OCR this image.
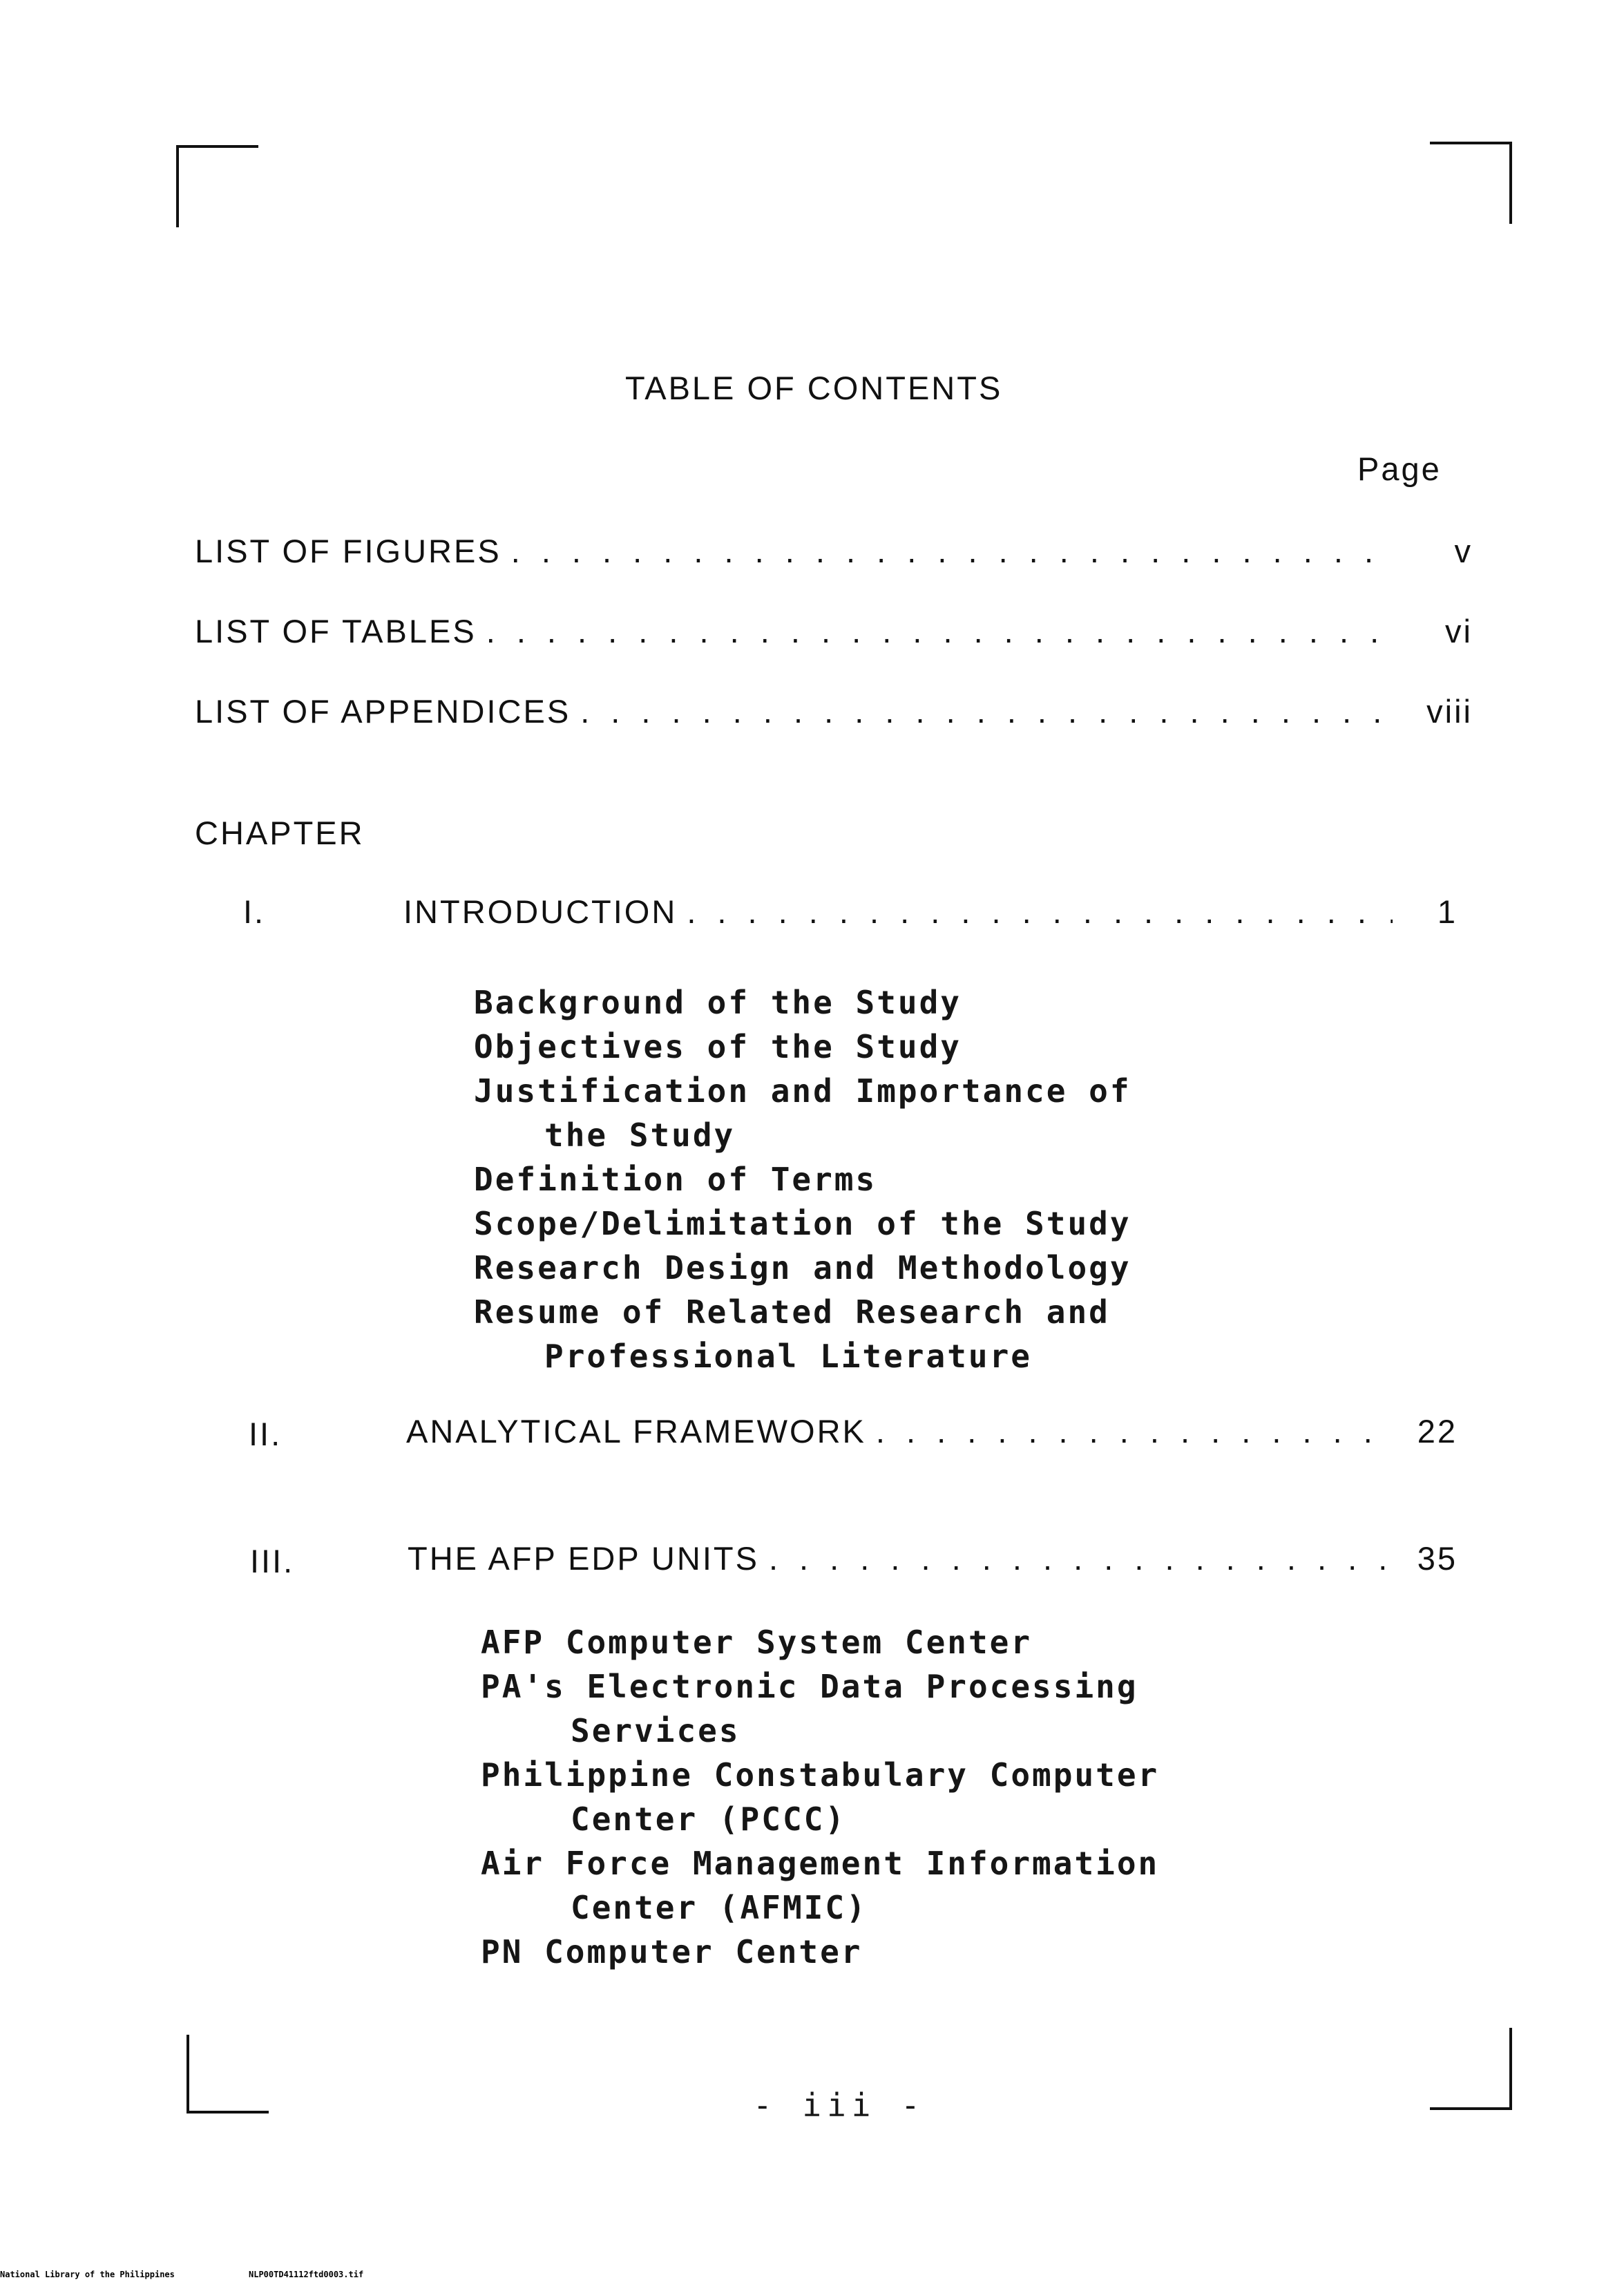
TABLE OF CONTENTS
Page
LIST OF FIGURES . . .	v
LIST OF TABLES . . .	vi
LIST OF APPENDICES . . .	viii
CHAPTER
I.	INTRODUCTION . . .	1
Background of the Study
Objectives of the Study
Justification and Importance of
the Study
Definition of Terms
Scope/Delimitation of the Study
Research Design and Methodology
Resume of Related Research and
Professional Literature
II.	ANALYTICAL FRAMEWORK . . .	22
III.	THE AFP EDP UNITS . . .	35
AFP Computer System Center
PA's Electronic Data Processing
Services
Philippine Constabulary Computer
Center (PCCC)
Air Force Management Information
Center (AFMIC)
PN Computer Center
- iii -
National Library of the Philippines	NLP00TD41112ftd0003.tif
